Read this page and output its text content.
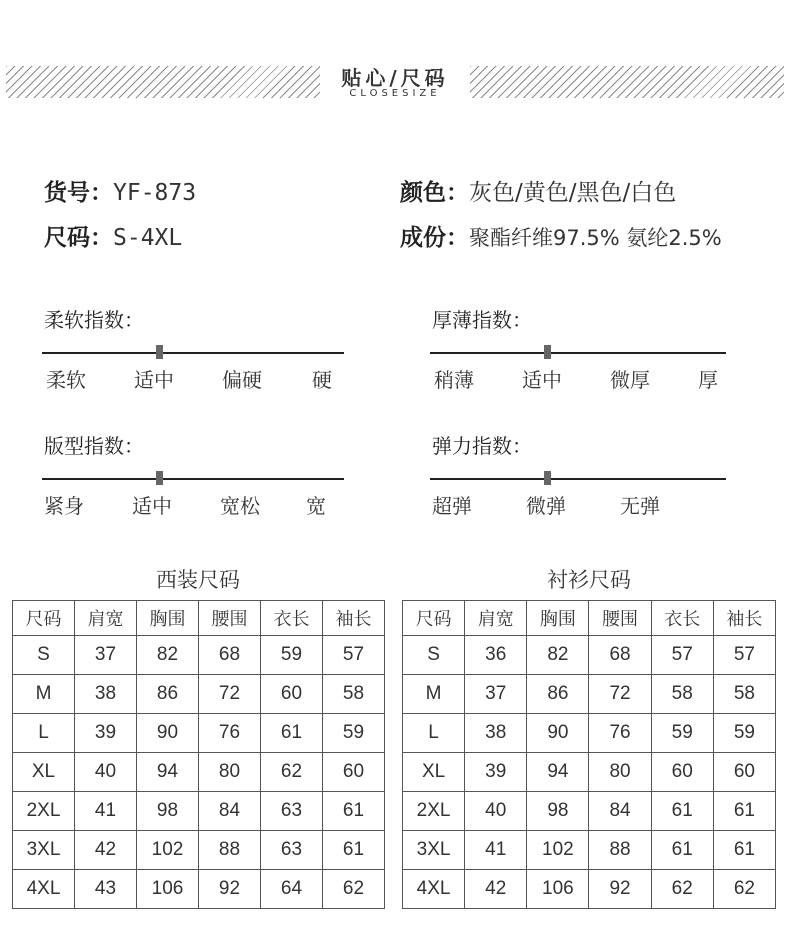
贴心/尺码
CLOSESIZE
货号：YF-873
尺码：S-4XL
颜色：灰色/黄色/黑色/白色
成份：聚酯纤维97.5% 氨纶2.5%
柔软指数：
柔软 适中 偏硬	硬
厚薄指数：
稍薄 适中 微厚 厚
版型指数：
紧身 适中 宽松 宽
弹力指数：
超弹	微弹	无弹
西装尺码
尺码	肩宽	胸围	腰围	衣长	袖长
S	37	82	68	59	57
M	38	86	72	60	58
L	39	90	76	61	59
XL	40	94	80	62	60
2XL	41	98	84	63	61
3XL	42	102	88	63	61
4XL	43	106	92	64	62
衬衫尺码
尺码	肩宽	胸围	腰围	衣长	袖长
S	36	82	68	57	57
M	37	86	72	58	58
L	38	90	76	59	59
XL	39	94	80	60	60
2XL	40	98	84	61	61
3XL	41	102	88	61	61
4XL	42	106	92	62	62
